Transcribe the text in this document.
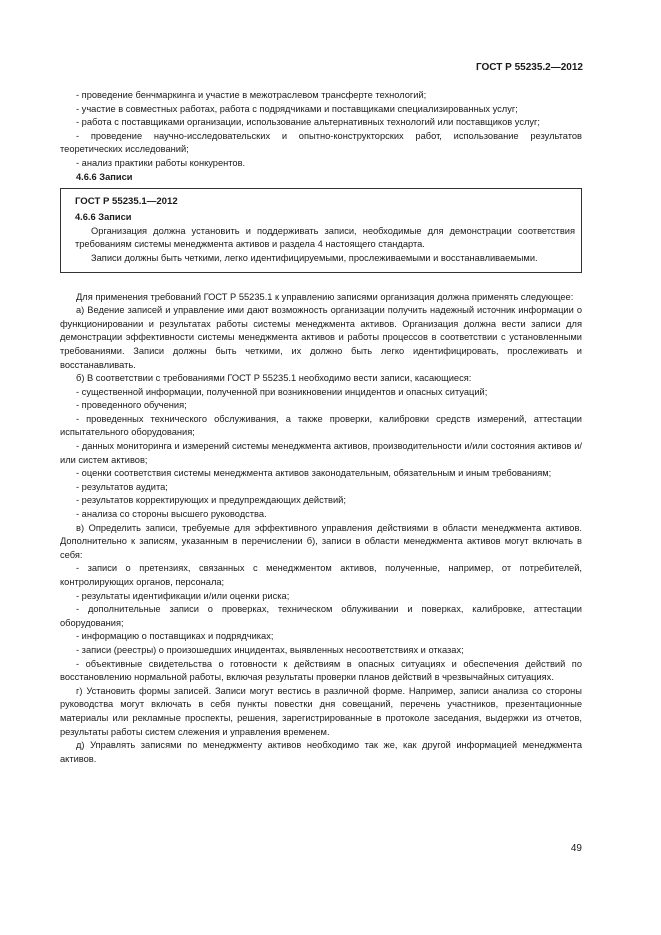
ГОСТ Р 55235.2—2012

- проведение бенчмаркинга и участие в межотраслевом трансферте технологий;

- участие в совместных работах, работа с подрядчиками и поставщиками специализированных услуг;

- работа с поставщиками организации, использование альтернативных технологий или поставщиков услуг;

- проведение научно-исследовательских и опытно-конструкторских работ, использование результатов теоретических исследований;

- анализ практики работы конкурентов.

4.6.6 Записи

ГОСТ Р 55235.1—2012

4.6.6 Записи

Организация должна установить и поддерживать записи, необходимые для демонстрации соответствия требованиям системы менеджмента активов и раздела 4 настоящего стандарта.

Записи должны быть четкими, легко идентифицируемыми, прослеживаемыми и восстанавливаемыми.

Для применения требований ГОСТ Р 55235.1 к управлению записями организация должна применять следующее:

а) Ведение записей и управление ими дают возможность организации получить надежный источник информации о функционировании и результатах работы системы менеджмента активов. Организация должна вести записи для демонстрации эффективности системы менеджмента активов и работы процессов в соответствии с установленными требованиями. Записи должны быть четкими, их должно быть легко идентифицировать, прослеживать и восстанавливать.

б) В соответствии с требованиями ГОСТ Р 55235.1 необходимо вести записи, касающиеся:

- существенной информации, полученной при возникновении инцидентов и опасных ситуаций;

- проведенного обучения;

- проведенных технического обслуживания, а также проверки, калибровки средств измерений, аттестации испытательного оборудования;

- данных мониторинга и измерений системы менеджмента активов, производительности и/или состояния активов и/или систем активов;

- оценки соответствия системы менеджмента активов законодательным, обязательным и иным требованиям;

- результатов аудита;

- результатов корректирующих и предупреждающих действий;

- анализа со стороны высшего руководства.

в) Определить записи, требуемые для эффективного управления действиями в области менеджмента активов. Дополнительно к записям, указанным в перечислении б), записи в области менеджмента активов могут включать в себя:

- записи о претензиях, связанных с менеджментом активов, полученные, например, от потребителей, контролирующих органов, персонала;

- результаты идентификации и/или оценки риска;

- дополнительные записи о проверках, техническом облуживании и поверках, калибровке, аттестации оборудования;

- информацию о поставщиках и подрядчиках;

- записи (реестры) о произошедших инцидентах, выявленных несоответствиях и отказах;

- объективные свидетельства о готовности к действиям в опасных ситуациях и обеспечения действий по восстановлению нормальной работы, включая результаты проверки планов действий в чрезвычайных ситуациях.

г) Установить формы записей. Записи могут вестись в различной форме. Например, записи анализа со стороны руководства могут включать в себя пункты повестки дня совещаний, перечень участников, презентационные материалы или рекламные проспекты, решения, зарегистрированные в протоколе заседания, выдержки из отчетов, результаты работы систем слежения и управления временем.

д) Управлять записями по менеджменту активов необходимо так же, как другой информацией менеджмента активов.

49
